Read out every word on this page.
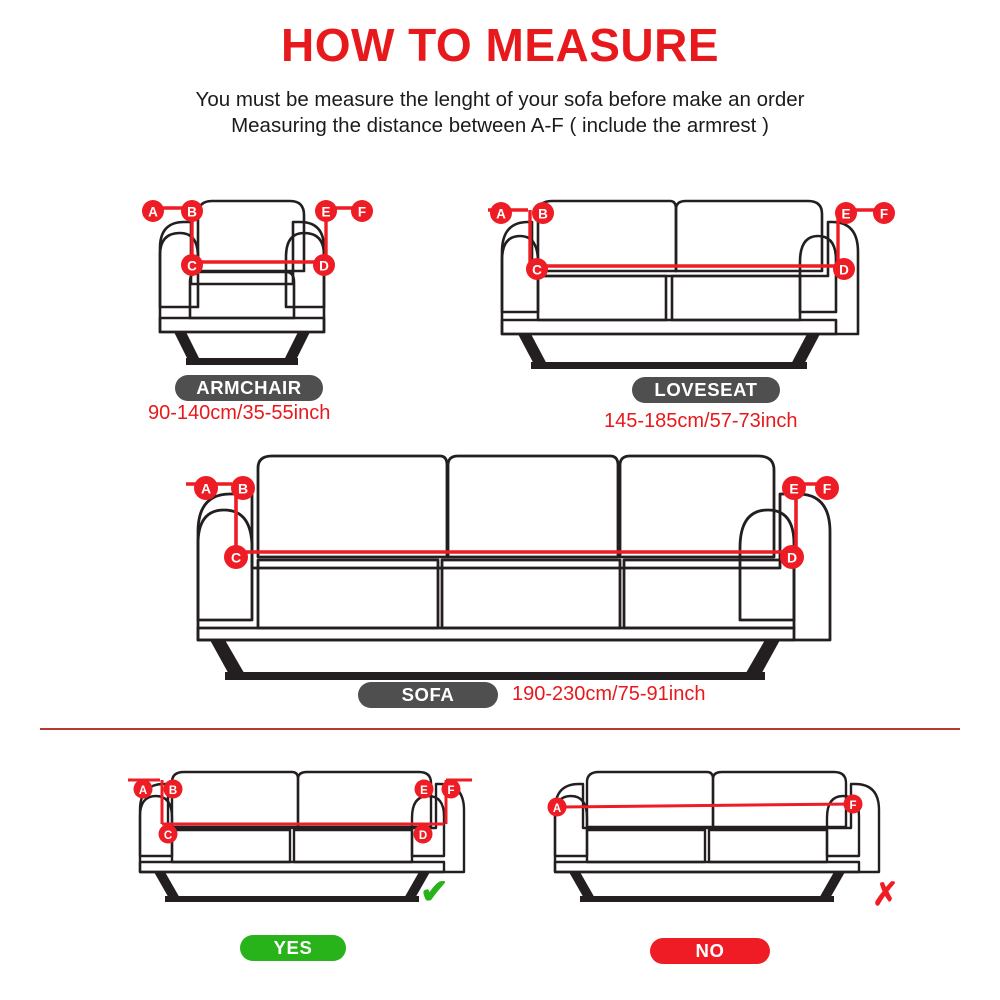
HOW TO MEASURE
You must be measure the lenght of your sofa before make an order
Measuring the distance between A-F ( include the armrest )
A B
C	D
E F
ARMCHAIR
90-140cm/35-55inch
A B
C	D
E F
LOVESEAT
145-185cm/57-73inch
A B
C	D
E F
SOFA	190-230cm/75-91inch
A B
C	D
E F
✔
YES
A	F
✗
NO
